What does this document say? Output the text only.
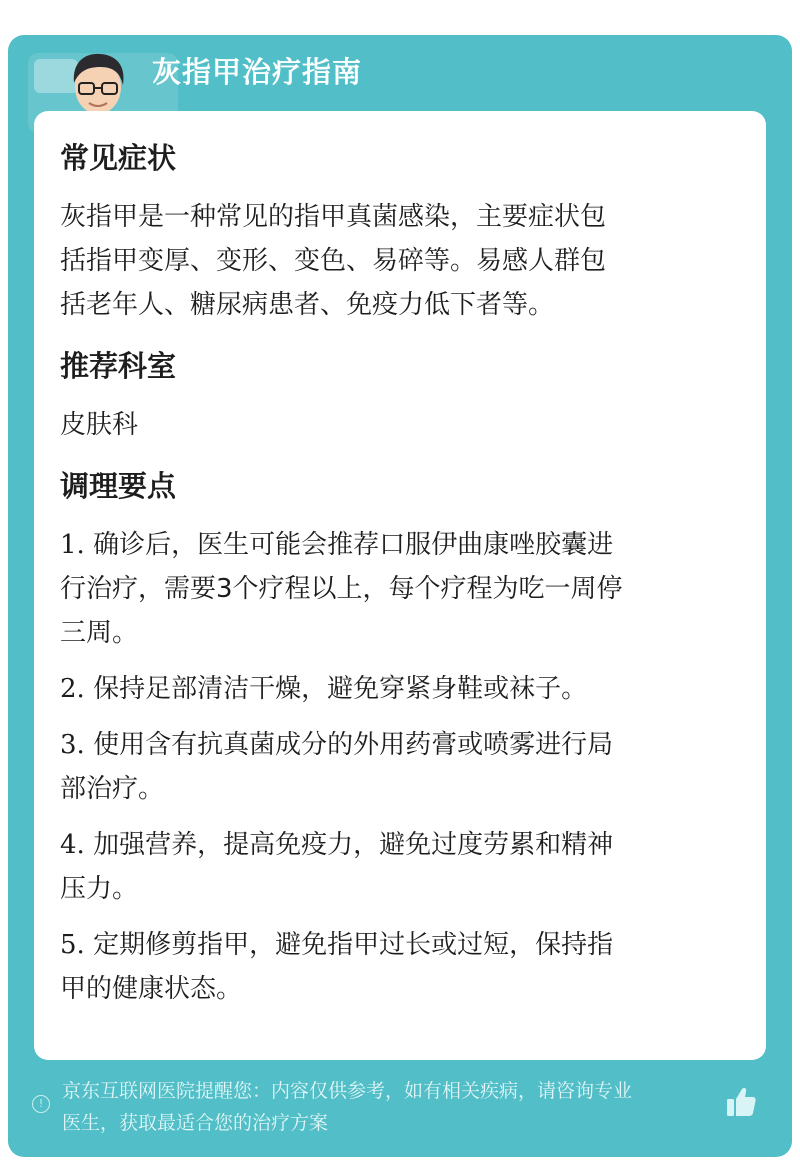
灰指甲治疗指南
常见症状
灰指甲是一种常见的指甲真菌感染，主要症状包
括指甲变厚、变形、变色、易碎等。易感人群包
括老年人、糖尿病患者、免疫力低下者等。
推荐科室
皮肤科
调理要点
1. 确诊后，医生可能会推荐口服伊曲康唑胶囊进
行治疗，需要3个疗程以上，每个疗程为吃一周停
三周。
2. 保持足部清洁干燥，避免穿紧身鞋或袜子。
3. 使用含有抗真菌成分的外用药膏或喷雾进行局
部治疗。
4. 加强营养，提高免疫力，避免过度劳累和精神
压力。
5. 定期修剪指甲，避免指甲过长或过短，保持指
甲的健康状态。
!
京东互联网医院提醒您：内容仅供参考，如有相关疾病，请咨询专业
医生，获取最适合您的治疗方案
